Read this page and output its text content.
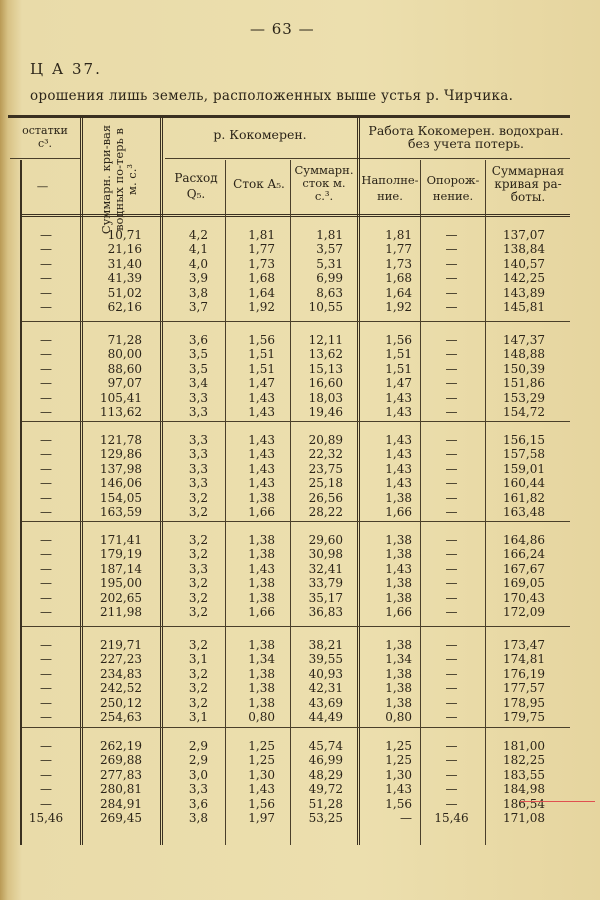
— 63 —
Ц А 37.
орошения лишь земель, расположенных выше устья р. Чирчика.
остатки с³.
—	Суммарн. кри-вая водных по-терь в м. с.³
р. Кокомерен.	Работа Кокомерен. водохран. без учета потерь.
Расход Q₅.
Сток A₅.
Суммарн. сток м. с.³.
Наполне-ние.
Опорож-нение.
Суммарная кривая ра-боты.
—	10,71	4,2	1,81	1,81	1,81	—	137,07
—	21,16	4,1	1,77	3,57	1,77	—	138,84
—	31,40	4,0	1,73	5,31	1,73	—	140,57
—	41,39	3,9	1,68	6,99	1,68	—	142,25
—	51,02	3,8	1,64	8,63	1,64	—	143,89
—	62,16	3,7	1,92	10,55	1,92	—	145,81
—	71,28	3,6	1,56	12,11	1,56	—	147,37
—	80,00	3,5	1,51	13,62	1,51	—	148,88
—	88,60	3,5	1,51	15,13	1,51	—	150,39
—	97,07	3,4	1,47	16,60	1,47	—	151,86
—	105,41	3,3	1,43	18,03	1,43	—	153,29
—	113,62	3,3	1,43	19,46	1,43	—	154,72
—	121,78	3,3	1,43	20,89	1,43	—	156,15
—	129,86	3,3	1,43	22,32	1,43	—	157,58
—	137,98	3,3	1,43	23,75	1,43	—	159,01
—	146,06	3,3	1,43	25,18	1,43	—	160,44
—	154,05	3,2	1,38	26,56	1,38	—	161,82
—	163,59	3,2	1,66	28,22	1,66	—	163,48
—	171,41	3,2	1,38	29,60	1,38	—	164,86
—	179,19	3,2	1,38	30,98	1,38	—	166,24
—	187,14	3,3	1,43	32,41	1,43	—	167,67
—	195,00	3,2	1,38	33,79	1,38	—	169,05
—	202,65	3,2	1,38	35,17	1,38	—	170,43
—	211,98	3,2	1,66	36,83	1,66	—	172,09
—	219,71	3,2	1,38	38,21	1,38	—	173,47
—	227,23	3,1	1,34	39,55	1,34	—	174,81
—	234,83	3,2	1,38	40,93	1,38	—	176,19
—	242,52	3,2	1,38	42,31	1,38	—	177,57
—	250,12	3,2	1,38	43,69	1,38	—	178,95
—	254,63	3,1	0,80	44,49	0,80	—	179,75
—	262,19	2,9	1,25	45,74	1,25	—	181,00
—	269,88	2,9	1,25	46,99	1,25	—	182,25
—	277,83	3,0	1,30	48,29	1,30	—	183,55
—	280,81	3,3	1,43	49,72	1,43	—	184,98
—	284,91	3,6	1,56	51,28	1,56	—	186,54
15,46	269,45	3,8	1,97	53,25	—	15,46	171,08
